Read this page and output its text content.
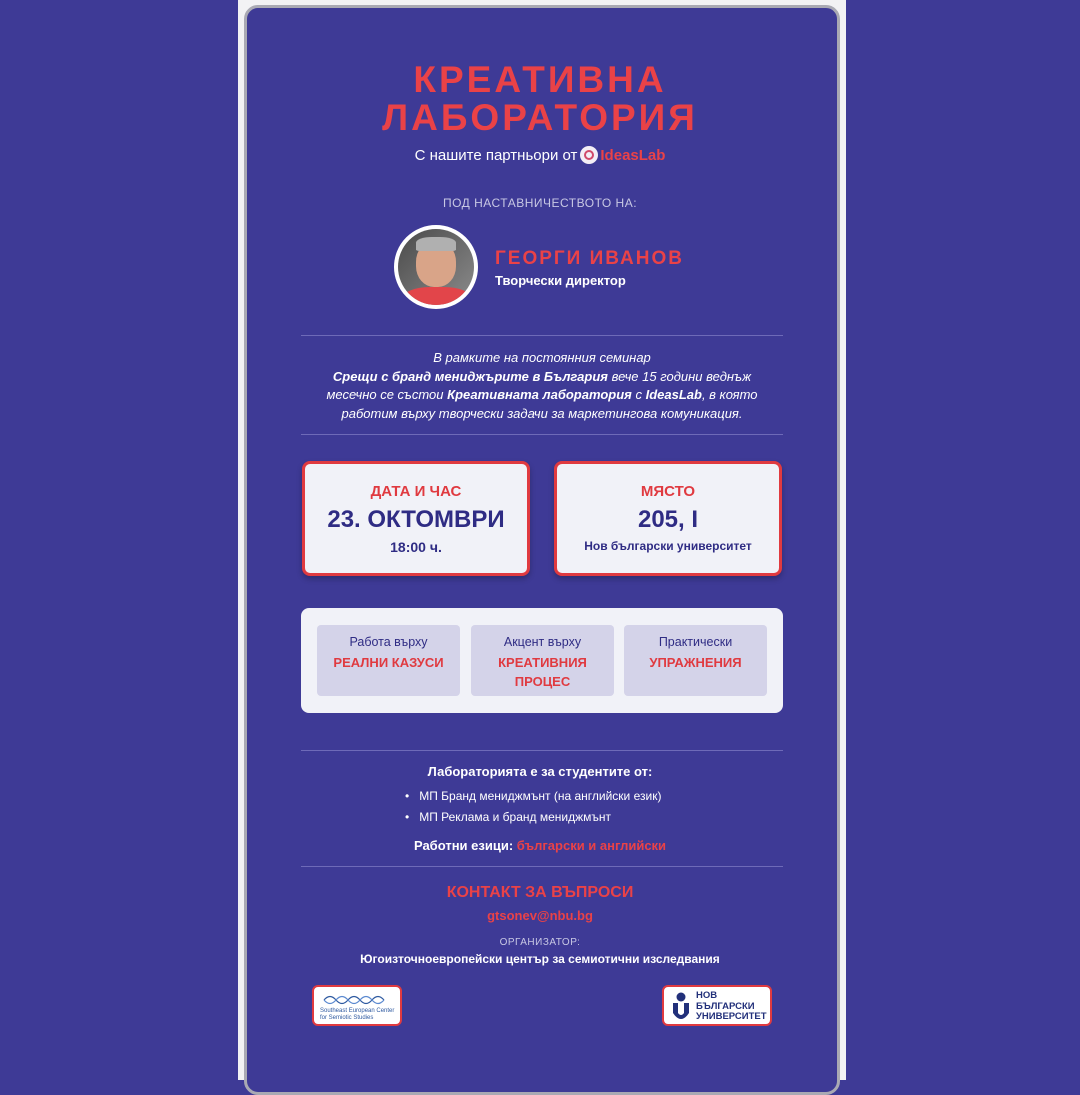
КРЕАТИВНА
ЛАБОРАТОРИЯ
С нашите партньори от IdeasLab
ПОД НАСТАВНИЧЕСТВОТО НА:
ГЕОРГИ ИВАНОВ
Творчески директор
В рамките на постоянния семинар
Срещи с бранд мениджърите в България вече 15 години веднъж
месечно се състои Креативната лаборатория с IdeasLab, в която
работим върху творчески задачи за маркетингова комуникация.
ДАТА И ЧАС
23. ОКТОМВРИ
18:00 ч.
МЯСТО
205, I
Нов български университет
Работа върху
РЕАЛНИ КАЗУСИ
Акцент върху
КРЕАТИВНИЯ ПРОЦЕС
Практически
УПРАЖНЕНИЯ
Лабораторията е за студентите от:
• МП Бранд мениджмънт (на английски език)
• МП Реклама и бранд мениджмънт
Работни езици: български и английски
КОНТАКТ ЗА ВЪПРОСИ
gtsonev@nbu.bg
ОРГАНИЗАТОР:
Югоизточноевропейски център за семиотични изследвания
Southeast European Center
for Semiotic Studies
НОВ
БЪЛГАРСКИ
УНИВЕРСИТЕТ
